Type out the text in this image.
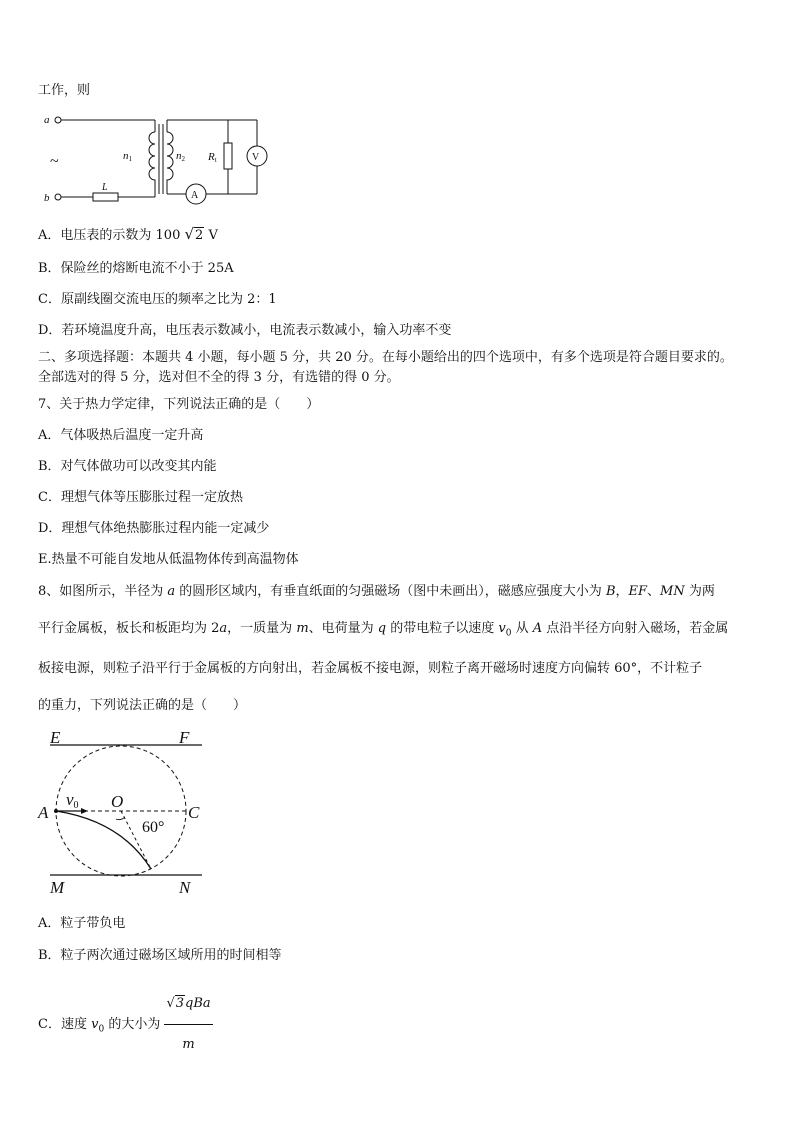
工作，则
a
b
L
n1	n2 Rt
~	V
A
A．电压表的示数为 100 √2 V
B．保险丝的熔断电流不小于 25A
C．原副线圈交流电压的频率之比为 2：1
D．若环境温度升高，电压表示数减小，电流表示数减小，输入功率不变
二、多项选择题：本题共 4 小题，每小题 5 分，共 20 分。在每小题给出的四个选项中，有多个选项是符合题目要求的。
全部选对的得 5 分，选对但不全的得 3 分，有选错的得 0 分。
7、关于热力学定律，下列说法正确的是（　　）
A．气体吸热后温度一定升高
B．对气体做功可以改变其内能
C．理想气体等压膨胀过程一定放热
D．理想气体绝热膨胀过程内能一定减少
E.热量不可能自发地从低温物体传到高温物体
8、如图所示，半径为 a 的圆形区域内，有垂直纸面的匀强磁场（图中未画出），磁感应强度大小为 B，EF、MN 为两
平行金属板，板长和板距均为 2a，一质量为 m、电荷量为 q 的带电粒子以速度 $v_0$ 从 A 点沿半径方向射入磁场，若金属
板接电源，则粒子沿平行于金属板的方向射出，若金属板不接电源，则粒子离开磁场时速度方向偏转 60°，不计粒子
的重力，下列说法正确的是（　　）
E	F
A	C
O
v0
M	N
60°
A．粒子带负电
B．粒子两次通过磁场区域所用的时间相等
C．速度 $v_0$ 的大小为 $\frac{\text{√3qBa}}{m}$
